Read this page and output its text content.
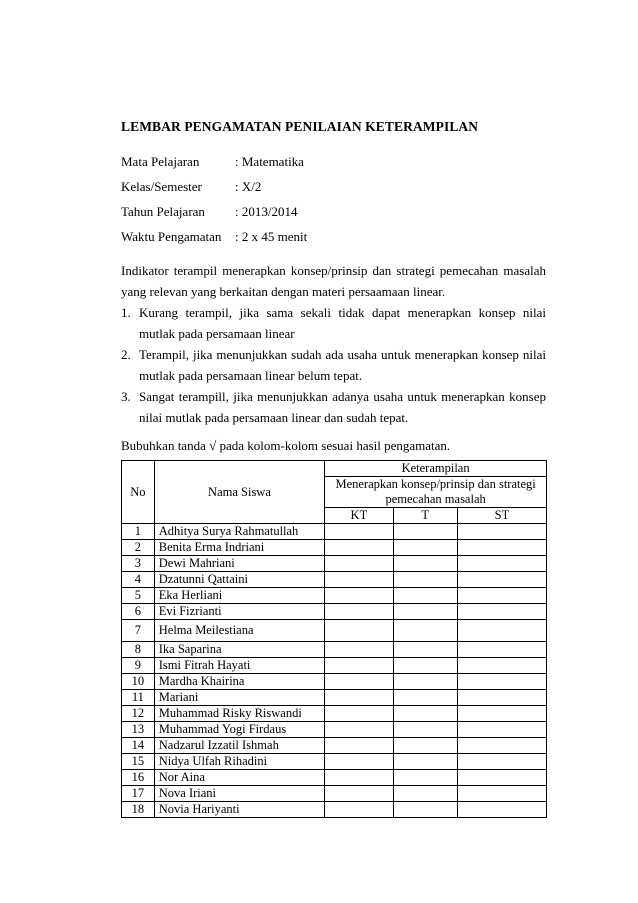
LEMBAR PENGAMATAN PENILAIAN KETERAMPILAN
Mata Pelajaran	: Matematika
Kelas/Semester	: X/2
Tahun Pelajaran : 2013/2014
Waktu Pengamatan : 2 x 45 menit
Indikator terampil menerapkan konsep/prinsip dan strategi pemecahan masalah yang relevan yang berkaitan dengan materi persaamaan linear.
1. Kurang terampil, jika sama sekali tidak dapat menerapkan konsep nilai mutlak pada persamaan linear
2. Terampil, jika menunjukkan sudah ada usaha untuk menerapkan konsep nilai mutlak pada persamaan linear belum tepat.
3. Sangat terampill, jika menunjukkan adanya usaha untuk menerapkan konsep nilai mutlak pada persamaan linear dan sudah tepat.
Bubuhkan tanda √ pada kolom-kolom sesuai hasil pengamatan.
No	Nama Siswa	Keterampilan		
		Menerapkan konsep/prinsip dan strategi pemecahan masalah		
		KT	T	ST
1	Adhitya Surya Rahmatullah			
2	Benita Erma Indriani			
3	Dewi Mahriani			
4	Dzatunni Qattaini			
5	Eka Herliani			
6	Evi Fizrianti			
7	Helma Meilestiana			
8	Ika Saparina			
9	Ismi Fitrah Hayati			
10	Mardha Khairina			
11	Mariani			
12	Muhammad Risky Riswandi			
13	Muhammad Yogi Firdaus			
14	Nadzarul Izzatil Ishmah			
15	Nidya Ulfah Rihadini			
16	Nor Aina			
17	Nova Iriani			
18	Novia Hariyanti			
